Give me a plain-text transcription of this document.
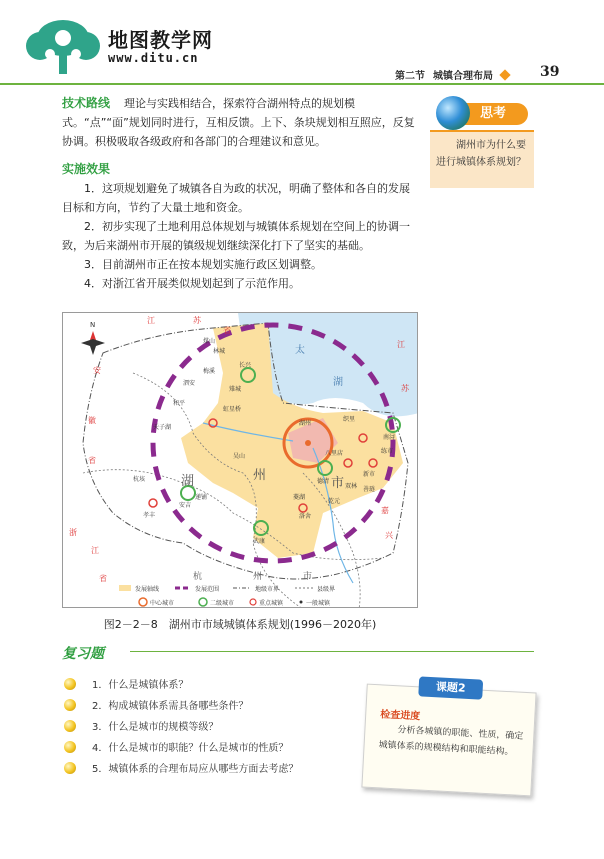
地图教学网
www.ditu.cn
第二节 城镇合理布局	39
技术路线 理论与实践相结合，探索符合湖州特点的规划模式。“点”“面”规划同时进行，互相反馈。上下、条块规划相互照应，反复协调。积极吸取各级政府和各部门的合理建议和意见。
实施效果
1．这项规划避免了城镇各自为政的状况，明确了整体和各自的发展目标和方向，节约了大量土地和资金。
2．初步实现了土地利用总体规划与城镇体系规划在空间上的协调一致，为后来湖州市开展的镇级规划继续深化打下了坚实的基础。
3．目前湖州市正在按本规划实施行政区划调整。
4．对浙江省开展类似规划起到了示范作用。
思考
湖州市为什么要进行城镇体系规划？
N	江	苏
省
安
徽
省
浙
江
省
湖	州
市
太
湖
江
苏
杭	州	市
嘉
兴
湖州
长兴
安吉
德清
南浔
练市
新市
武康
递铺
梅溪
孝丰
和平
泗安
煤山
林城
双林
菱湖
善琏
乾元
洛舍
织里
八里店
吴山
虹星桥
雉城
天子湖
杭垓
发展轴线	发展范围	地级市界	县级界
中心城市	二级城市	重点城镇	一般城镇
图2－2－8　湖州市市域城镇体系规划(1996－2020年)
复习题
1．什么是城镇体系？
2．构成城镇体系需具备哪些条件？
3．什么是城市的规模等级？
4．什么是城市的职能？什么是城市的性质？
5．城镇体系的合理布局应从哪些方面去考虑？
检查进度
分析各城镇的职能、性质，确定城镇体系的规模结构和职能结构。
课题2
